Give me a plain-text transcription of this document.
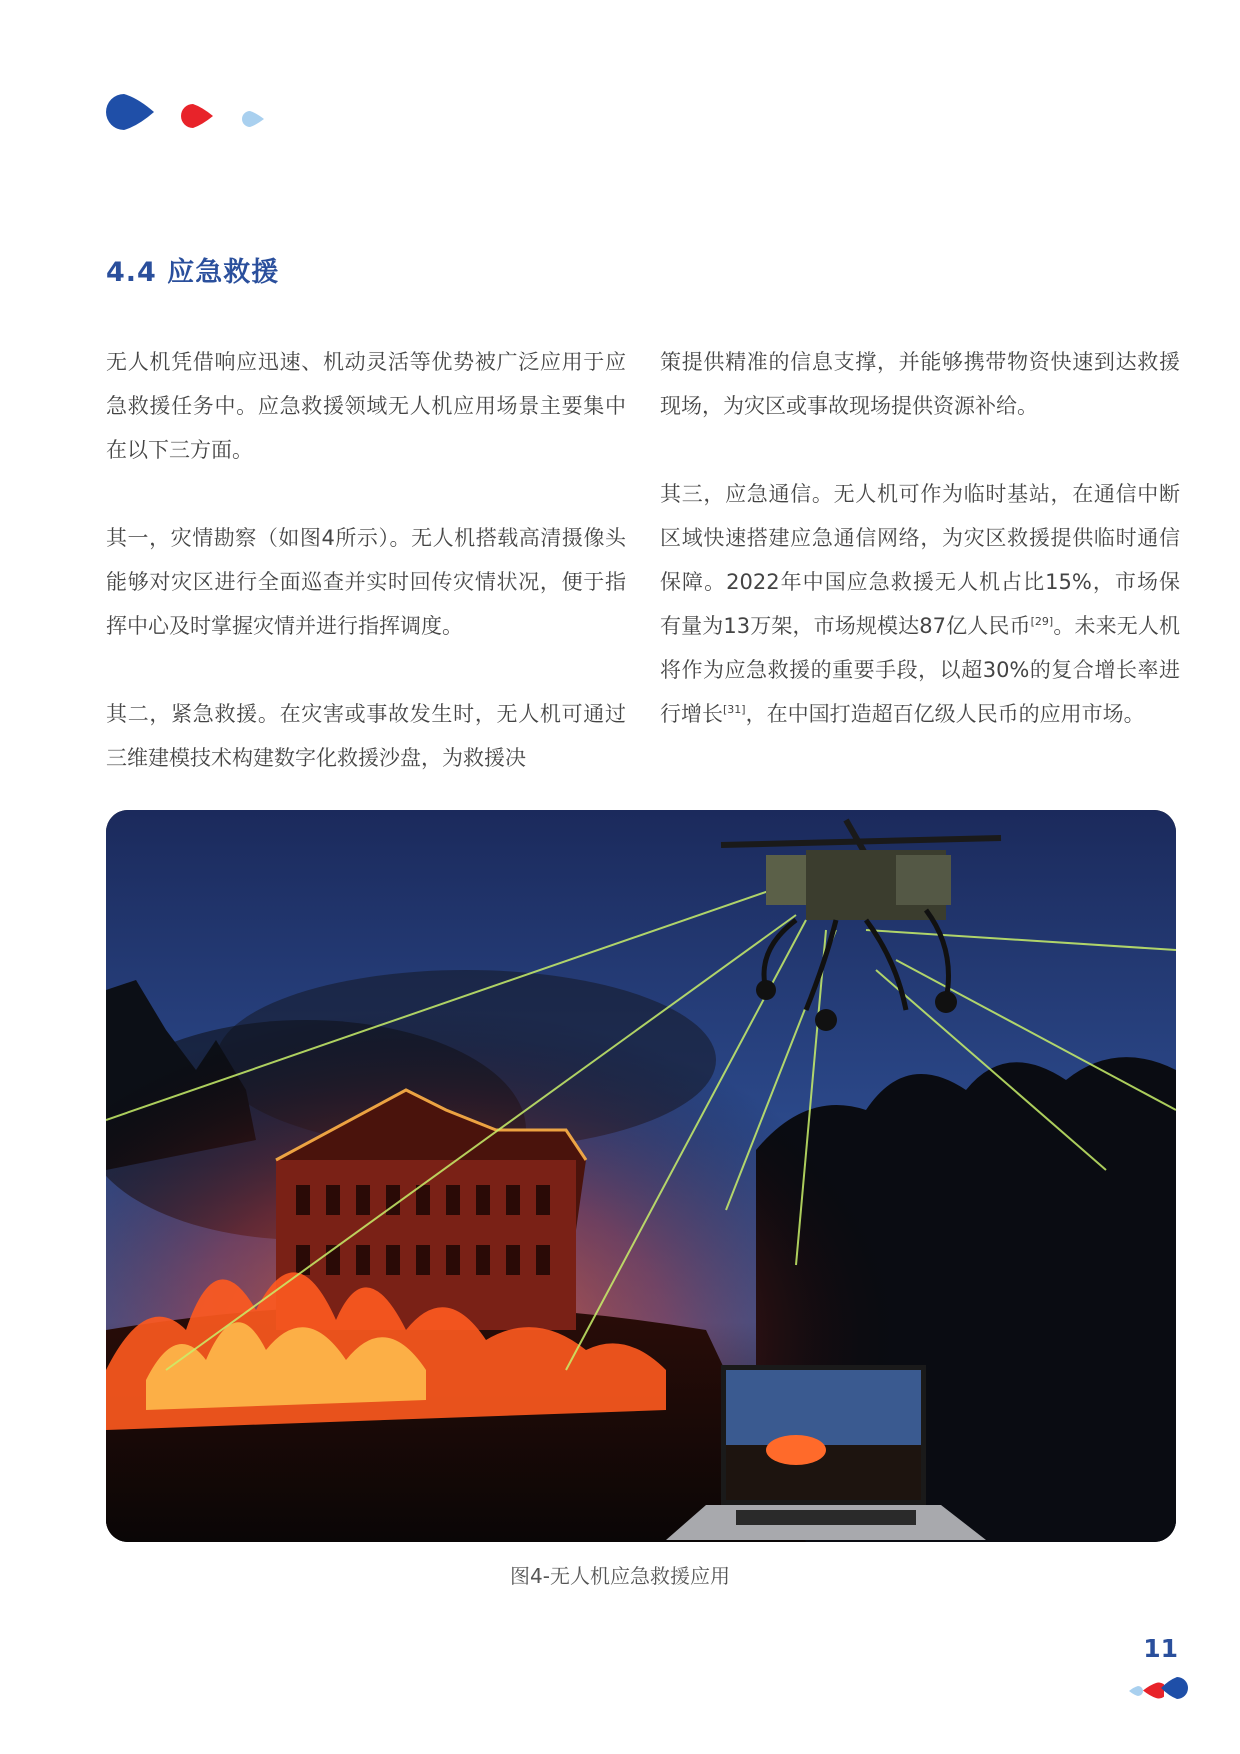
4.4 应急救援

无人机凭借响应迅速、机动灵活等优势被广泛应用于应急救援任务中。应急救援领域无人机应用场景主要集中在以下三方面。

其一，灾情勘察（如图4所示）。无人机搭载高清摄像头能够对灾区进行全面巡查并实时回传灾情状况，便于指挥中心及时掌握灾情并进行指挥调度。

其二，紧急救援。在灾害或事故发生时，无人机可通过三维建模技术构建数字化救援沙盘，为救援决

策提供精准的信息支撑，并能够携带物资快速到达救援现场，为灾区或事故现场提供资源补给。

其三，应急通信。无人机可作为临时基站，在通信中断区域快速搭建应急通信网络，为灾区救援提供临时通信保障。2022年中国应急救援无人机占比15%，市场保有量为13万架，市场规模达87亿人民币[29]。未来无人机将作为应急救援的重要手段，以超30%的复合增长率进行增长[31]，在中国打造超百亿级人民币的应用市场。

图4-无人机应急救援应用
11
